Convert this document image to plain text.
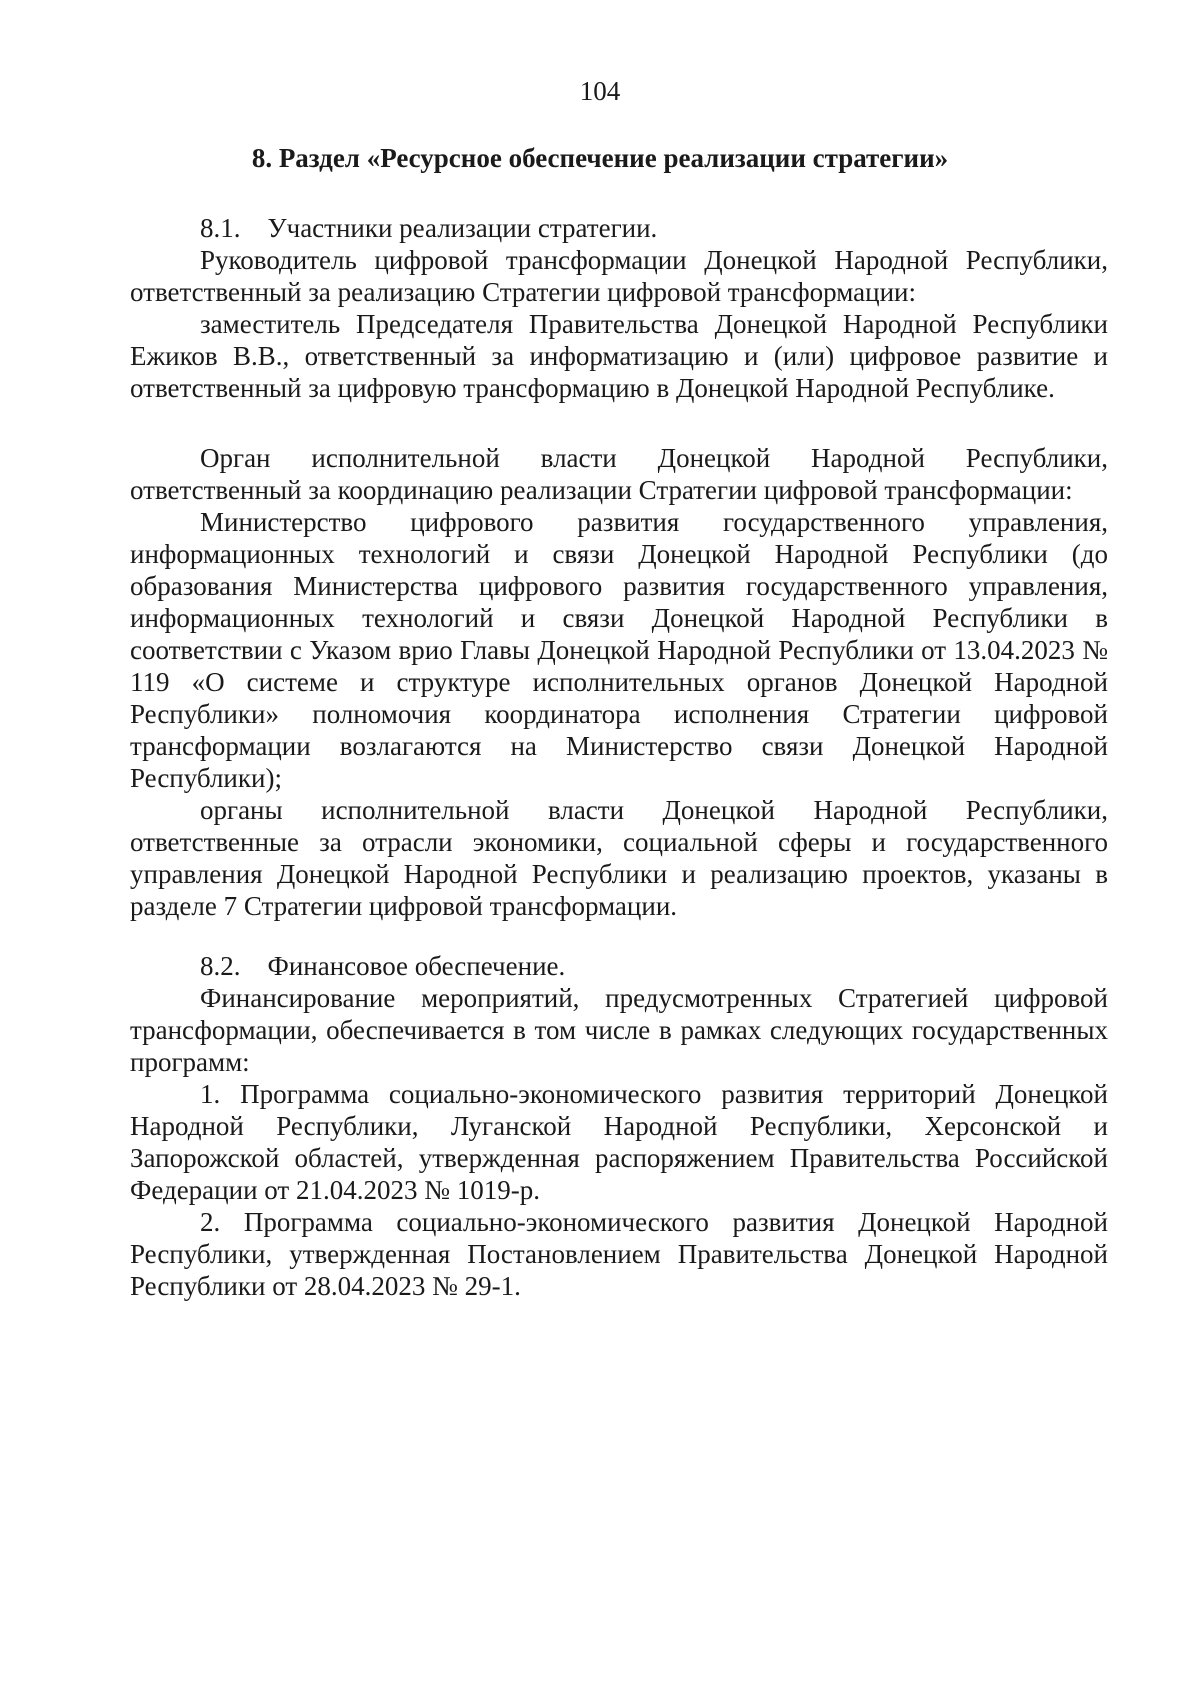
104
8. Раздел «Ресурсное обеспечение реализации стратегии»

8.1.    Участники реализации стратегии.

Руководитель цифровой трансформации Донецкой Народной Республики, ответственный за реализацию Стратегии цифровой трансформации:

заместитель Председателя Правительства Донецкой Народной Республики Ежиков В.В., ответственный за информатизацию и (или) цифровое развитие и ответственный за цифровую трансформацию в Донецкой Народной Республике.

Орган исполнительной власти Донецкой Народной Республики, ответственный за координацию реализации Стратегии цифровой трансформации:

Министерство цифрового развития государственного управления, информационных технологий и связи Донецкой Народной Республики (до образования Министерства цифрового развития государственного управления, информационных технологий и связи Донецкой Народной Республики в соответствии с Указом врио Главы Донецкой Народной Республики от 13.04.2023 № 119 «О системе и структуре исполнительных органов Донецкой Народной Республики» полномочия координатора исполнения Стратегии цифровой трансформации возлагаются на Министерство связи Донецкой Народной Республики);

органы исполнительной власти Донецкой Народной Республики, ответственные за отрасли экономики, социальной сферы и государственного управления Донецкой Народной Республики и реализацию проектов, указаны в разделе 7 Стратегии цифровой трансформации.

8.2.    Финансовое обеспечение.

Финансирование мероприятий, предусмотренных Стратегией цифровой трансформации, обеспечивается в том числе в рамках следующих государственных программ:

1. Программа социально-экономического развития территорий Донецкой Народной Республики, Луганской Народной Республики, Херсонской и Запорожской областей, утвержденная распоряжением Правительства Российской Федерации от 21.04.2023 № 1019-р.

2. Программа социально-экономического развития Донецкой Народной Республики, утвержденная Постановлением Правительства Донецкой Народной Республики от 28.04.2023 № 29-1.
